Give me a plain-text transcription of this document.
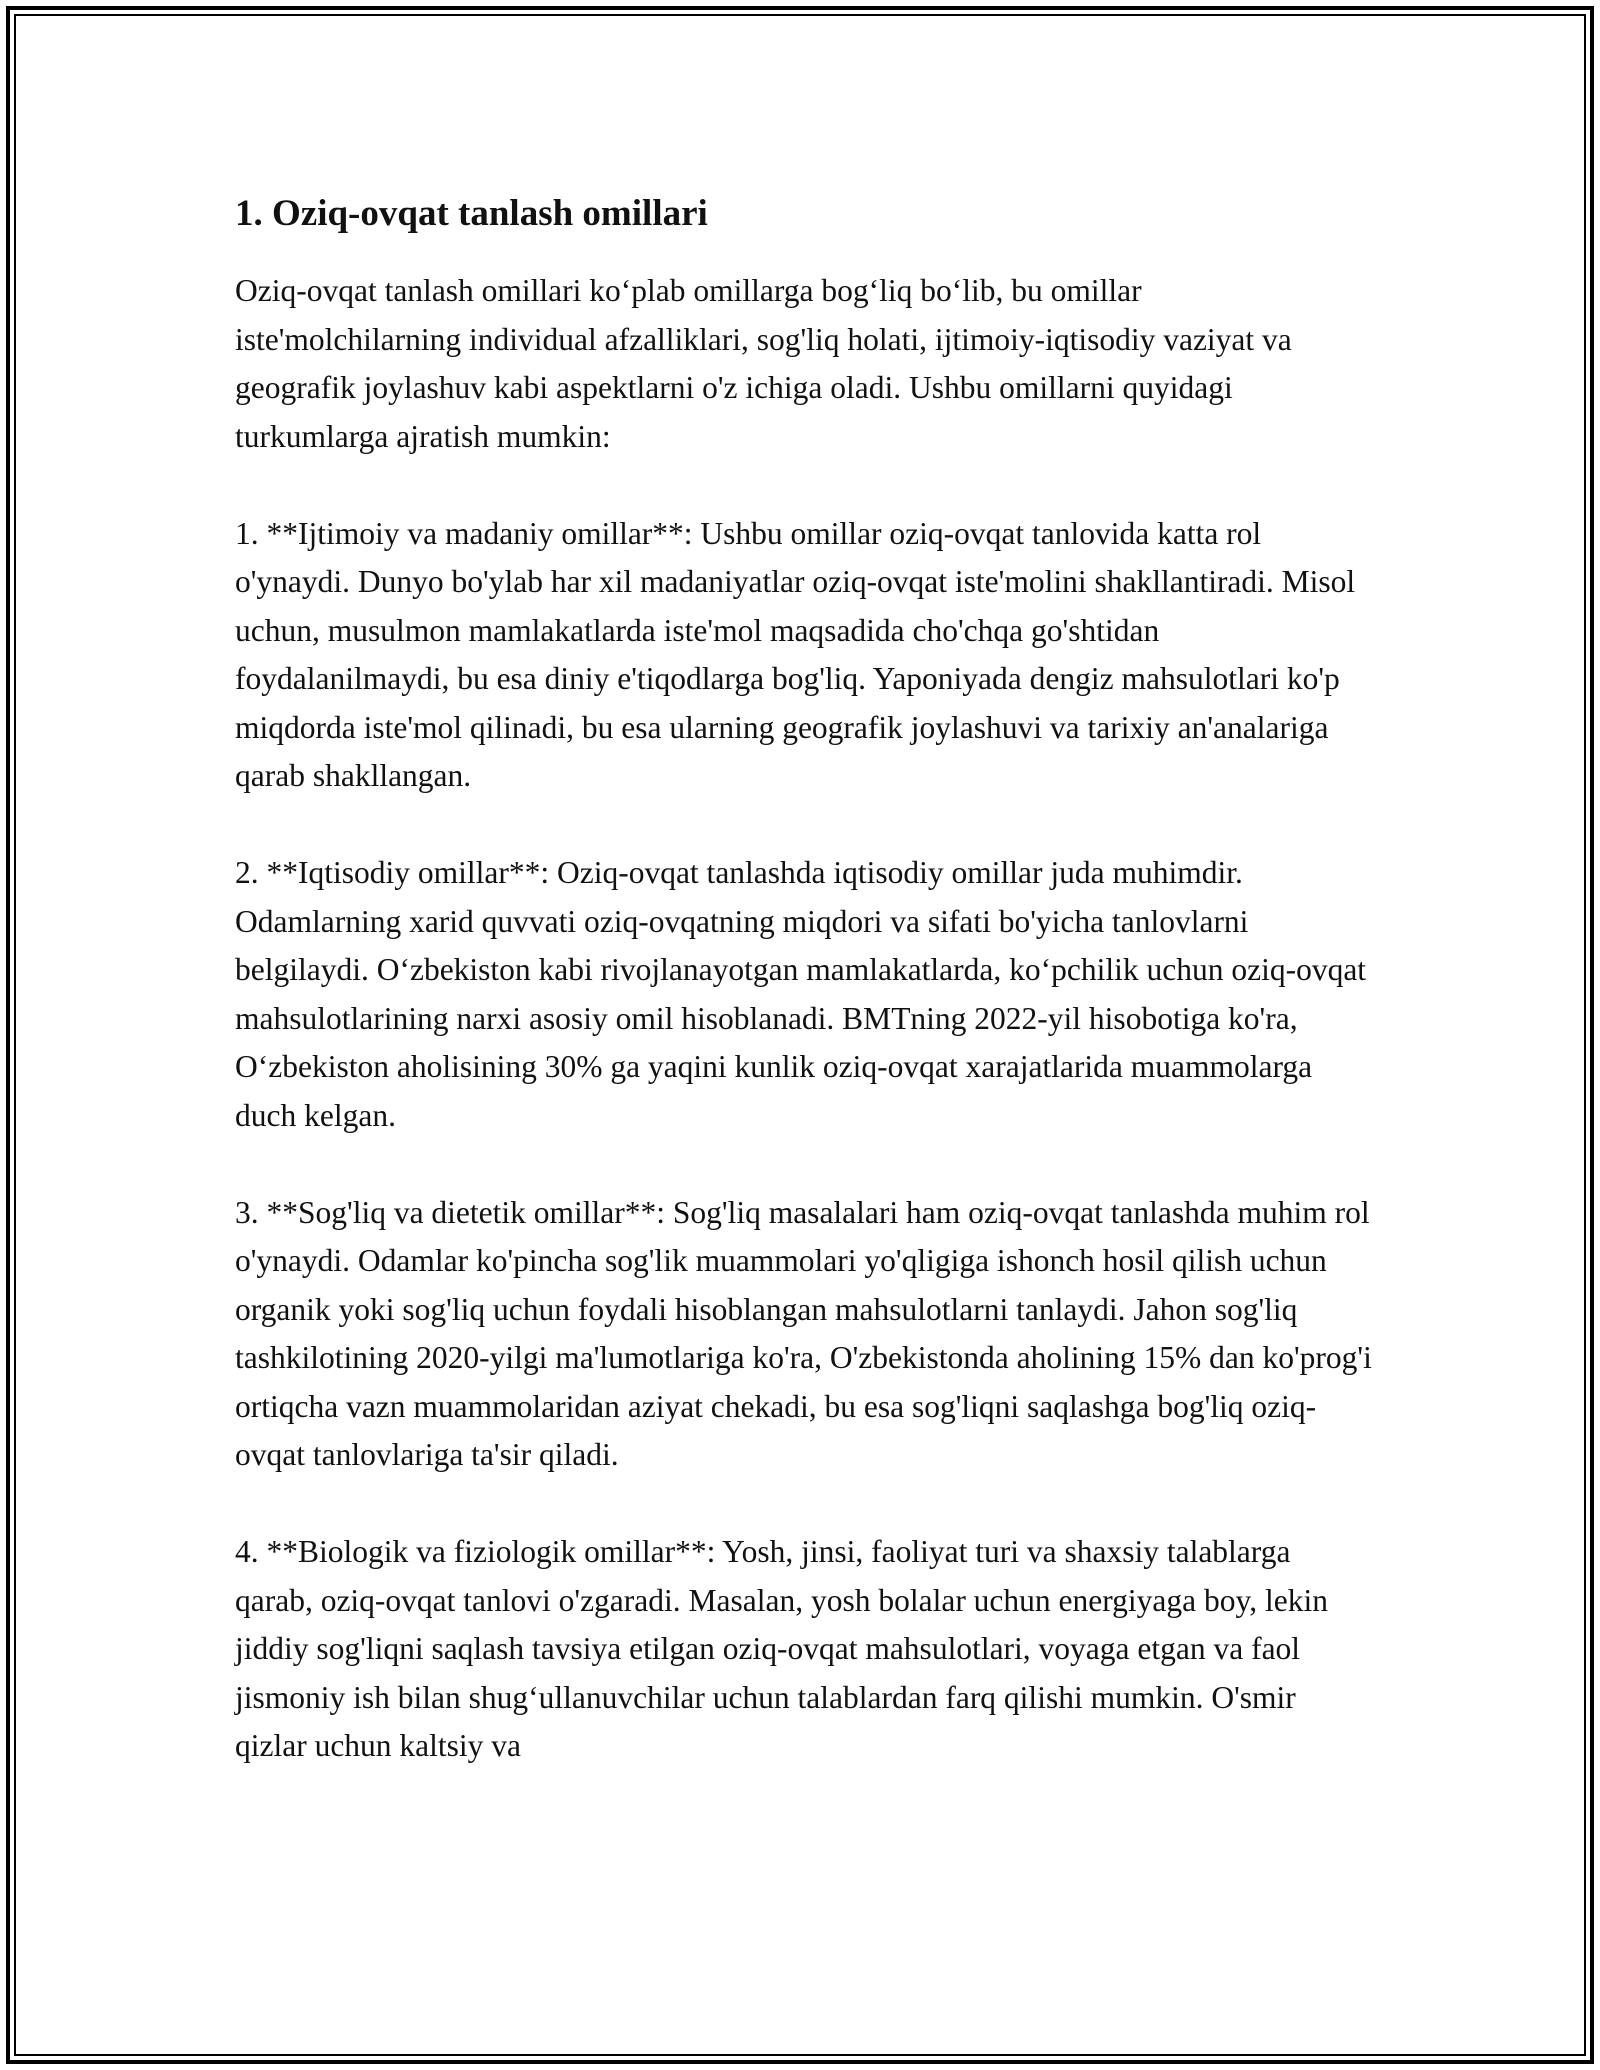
1. Oziq-ovqat tanlash omillari

Oziq-ovqat tanlash omillari ko‘plab omillarga bog‘liq bo‘lib, bu omillar iste'molchilarning individual afzalliklari, sog'liq holati, ijtimoiy-iqtisodiy vaziyat va geografik joylashuv kabi aspektlarni o'z ichiga oladi. Ushbu omillarni quyidagi turkumlarga ajratish mumkin:

1. **Ijtimoiy va madaniy omillar**: Ushbu omillar oziq-ovqat tanlovida katta rol o'ynaydi. Dunyo bo'ylab har xil madaniyatlar oziq-ovqat iste'molini shakllantiradi. Misol uchun, musulmon mamlakatlarda iste'mol maqsadida cho'chqa go'shtidan foydalanilmaydi, bu esa diniy e'tiqodlarga bog'liq. Yaponiyada dengiz mahsulotlari ko'p miqdorda iste'mol qilinadi, bu esa ularning geografik joylashuvi va tarixiy an'analariga qarab shakllangan.

2. **Iqtisodiy omillar**: Oziq-ovqat tanlashda iqtisodiy omillar juda muhimdir. Odamlarning xarid quvvati oziq-ovqatning miqdori va sifati bo'yicha tanlovlarni belgilaydi. O‘zbekiston kabi rivojlanayotgan mamlakatlarda, ko‘pchilik uchun oziq-ovqat mahsulotlarining narxi asosiy omil hisoblanadi. BMTning 2022-yil hisobotiga ko'ra, O‘zbekiston aholisining 30% ga yaqini kunlik oziq-ovqat xarajatlarida muammolarga duch kelgan.

3. **Sog'liq va dietetik omillar**: Sog'liq masalalari ham oziq-ovqat tanlashda muhim rol o'ynaydi. Odamlar ko'pincha sog'lik muammolari yo'qligiga ishonch hosil qilish uchun organik yoki sog'liq uchun foydali hisoblangan mahsulotlarni tanlaydi. Jahon sog'liq tashkilotining 2020-yilgi ma'lumotlariga ko'ra, O'zbekistonda aholining 15% dan ko'prog'i ortiqcha vazn muammolaridan aziyat chekadi, bu esa sog'liqni saqlashga bog'liq oziq-ovqat tanlovlariga ta'sir qiladi.

4. **Biologik va fiziologik omillar**: Yosh, jinsi, faoliyat turi va shaxsiy talablarga qarab, oziq-ovqat tanlovi o'zgaradi. Masalan, yosh bolalar uchun energiyaga boy, lekin jiddiy sog'liqni saqlash tavsiya etilgan oziq-ovqat mahsulotlari, voyaga etgan va faol jismoniy ish bilan shug‘ullanuvchilar uchun talablardan farq qilishi mumkin. O'smir qizlar uchun kaltsiy va
